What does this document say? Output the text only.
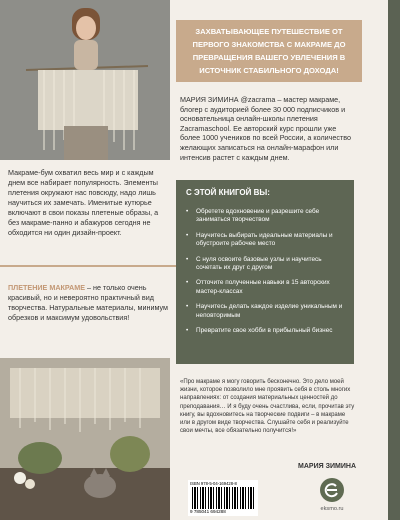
ЗАХВАТЫВАЮЩЕЕ ПУТЕШЕСТВИЕ ОТ ПЕРВОГО ЗНАКОМСТВА С МАКРАМЕ ДО ПРЕВРАЩЕНИЯ ВАШЕГО УВЛЕЧЕНИЯ В ИСТОЧНИК СТАБИЛЬНОГО ДОХОДА!

МАРИЯ ЗИМИНА @zacrama – мастер макраме, блогер с аудиторией более 30 000 подписчиков и основательница онлайн-школы плетения Zacramaschool. Ее авторский курс прошли уже более 1000 учеников по всей России, а количество желающих записаться на онлайн-марафон или интенсив растет с каждым днем.

Макраме-бум охватил весь мир и с каждым днем все набирает популярность. Элементы плетения окружают нас повсюду, надо лишь научиться их замечать. Именитые кутюрье включают в свои показы плетеные образы, а без макраме-панно и абажуров сегодня не обходится ни один дизайн-проект.

ПЛЕТЕНИЕ МАКРАМЕ – не только очень красивый, но и невероятно практичный вид творчества. Натуральные материалы, минимум обрезков и максимум удовольствия!

С ЭТОЙ КНИГОЙ ВЫ:
• Обретете вдохновение и разрешите себе заниматься творчеством
• Научитесь выбирать идеальные материалы и обустроите рабочее место
• С нуля освоите базовые узлы и научитесь сочетать их друг с другом
• Отточите полученные навыки в 15 авторских мастер-классах
• Научитесь делать каждое изделие уникальным и неповторимым
• Превратите свое хобби в прибыльный бизнес

«Про макраме я могу говорить бесконечно. Это дело моей жизни, которое позволило мне проявить себя в столь многих направлениях: от создания материальных ценностей до преподавания… И я буду очень счастлива, если, прочитав эту книгу, вы вдохновитесь на творческие подвиги – в макраме или в другом виде творчества. Слушайте себя и реализуйте свои мечты, все обязательно получится!»

МАРИЯ ЗИМИНА

ISBN 978-5-04-169428-8
9 785041 694288	eksmo.ru
